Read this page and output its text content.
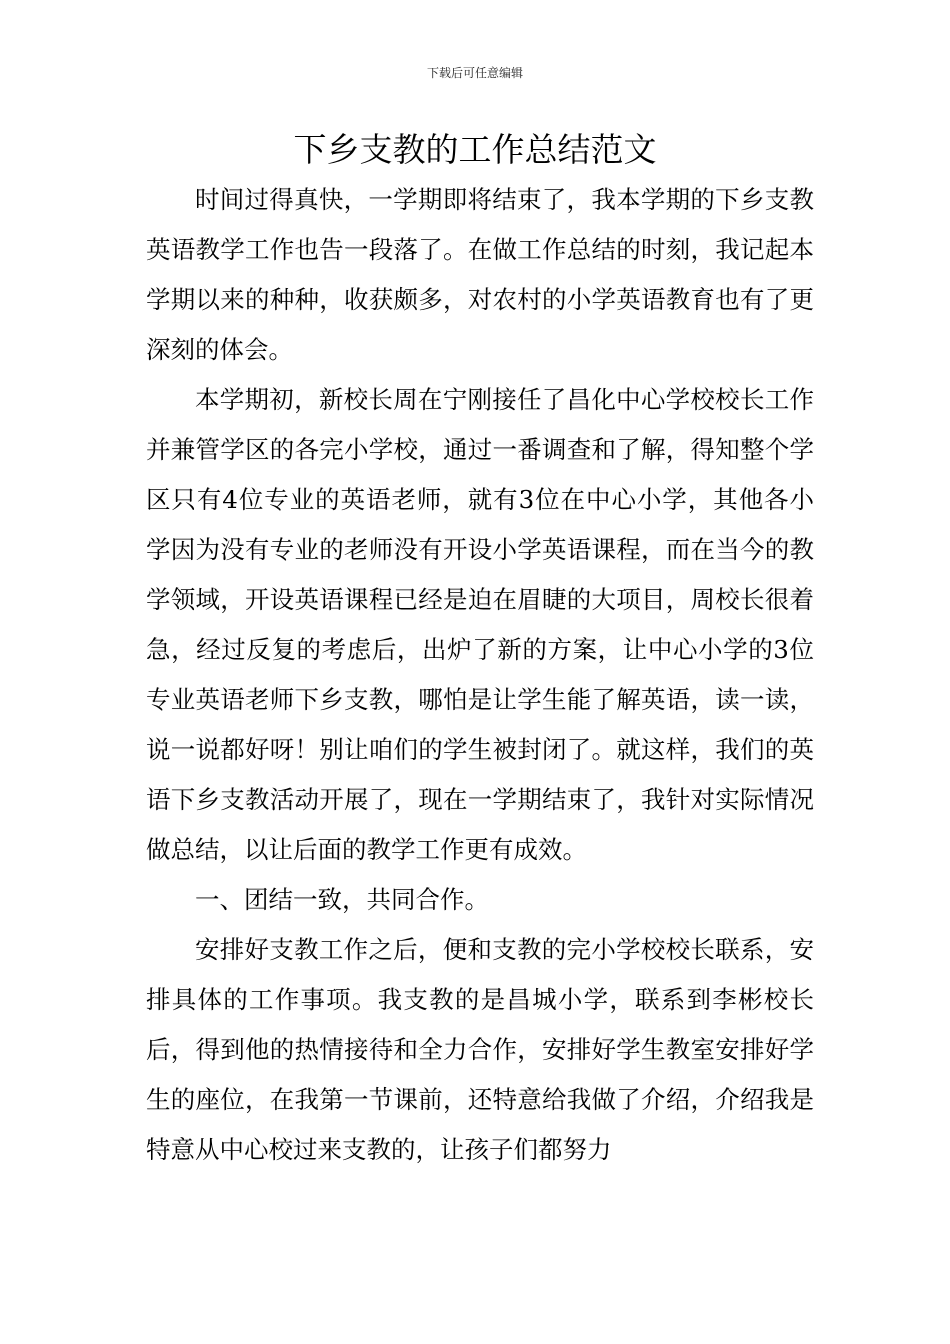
下载后可任意编辑
下乡支教的工作总结范文

时间过得真快，一学期即将结束了，我本学期的下乡支教英语教学工作也告一段落了。在做工作总结的时刻，我记起本学期以来的种种，收获颇多，对农村的小学英语教育也有了更深刻的体会。

本学期初，新校长周在宁刚接任了昌化中心学校校长工作并兼管学区的各完小学校，通过一番调查和了解，得知整个学区只有4位专业的英语老师，就有3位在中心小学，其他各小学因为没有专业的老师没有开设小学英语课程，而在当今的教学领域，开设英语课程已经是迫在眉睫的大项目，周校长很着急，经过反复的考虑后，出炉了新的方案，让中心小学的3位专业英语老师下乡支教，哪怕是让学生能了解英语，读一读，说一说都好呀！别让咱们的学生被封闭了。就这样，我们的英语下乡支教活动开展了，现在一学期结束了，我针对实际情况做总结，以让后面的教学工作更有成效。

一、团结一致，共同合作。

安排好支教工作之后，便和支教的完小学校校长联系，安排具体的工作事项。我支教的是昌城小学，联系到李彬校长后，得到他的热情接待和全力合作，安排好学生教室安排好学生的座位，在我第一节课前，还特意给我做了介绍，介绍我是特意从中心校过来支教的，让孩子们都努力
